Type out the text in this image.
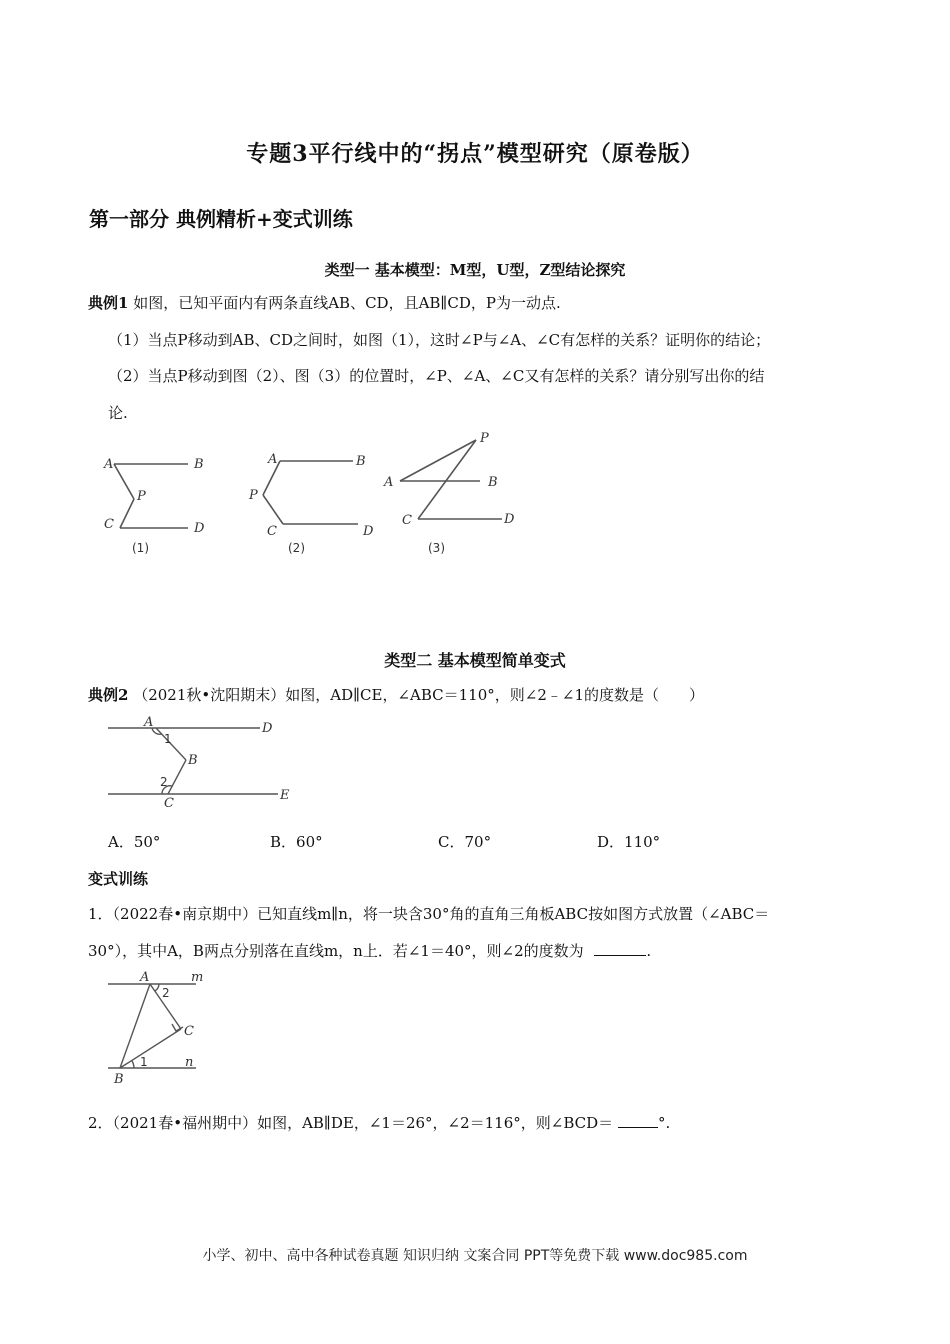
专题3平行线中的“拐点”模型研究（原卷版）
第一部分 典例精析+变式训练
类型一 基本模型：M型，U型，Z型结论探究
典例1 如图，已知平面内有两条直线AB、CD，且AB∥CD，P为一动点.
（1）当点P移动到AB、CD之间时，如图（1），这时∠P与∠A、∠C有怎样的关系？证明你的结论；
（2）当点P移动到图（2）、图（3）的位置时，∠P、∠A、∠C又有怎样的关系？请分别写出你的结
论.
A	B
P
C	D
(1)
A	B
P
C	D
(2)
A	B
P
C	D
(3)
类型二 基本模型简单变式
典例2 （2021秋•沈阳期末）如图，AD∥CE，∠ABC＝110°，则∠2﹣∠1的度数是（　　）
A	D
1
B
2
C
E
A．50°	B．60°	C．70°	D．110°
变式训练
1．（2022春•南京期中）已知直线m∥n，将一块含30°角的直角三角板ABC按如图方式放置（∠ABC＝
30°），其中A，B两点分别落在直线m，n上．若∠1＝40°，则∠2的度数为	.
A	m
2
C
1	n
B
2．（2021春•福州期中）如图，AB∥DE，∠1＝26°，∠2＝116°，则∠BCD＝	°.
小学、初中、高中各种试卷真题 知识归纳 文案合同 PPT等免费下载 www.doc985.com
